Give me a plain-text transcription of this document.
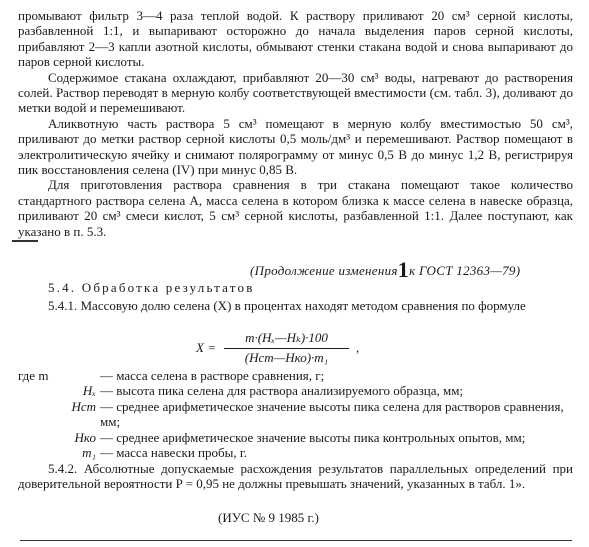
промывают фильтр 3—4 раза теплой водой. К раствору приливают 20 см³ серной кислоты, разбавленной 1:1, и выпаривают осторожно до начала выделения паров серной кислоты, прибавляют 2—3 капли азотной кислоты, обмывают стенки стакана водой и снова выпаривают до паров серной кислоты.

Содержимое стакана охлаждают, прибавляют 20—30 см³ воды, нагревают до растворения солей. Раствор переводят в мерную колбу соответствующей вместимости (см. табл. 3), доливают до метки водой и перемешивают.

Аликвотную часть раствора 5 см³ помещают в мерную колбу вместимостью 50 см³, приливают до метки раствор серной кислоты 0,5 моль/дм³ и перемешивают. Раствор помещают в электролитическую ячейку и снимают полярограмму от минус 0,5 В до минус 1,2 В, регистрируя пик восстановления селена (IV) при минус 0,85 В.

Для приготовления раствора сравнения в три стакана помещают такое количество стандартного раствора селена А, масса селена в котором близка к массе селена в навеске образца, приливают 20 см³ смеси кислот, 5 см³ серной кислоты, разбавленной 1:1. Далее поступают, как указано в п. 5.3.

(Продолжение изменения1к ГОСТ 12363—79)
5.4. Обработка результатов
5.4.1. Массовую долю селена (X) в процентах находят методом сравнения по формуле
X =
m·(Hₓ—Hₖ)·100
(Hст—Hко)·m₁
,
где m	— масса селена в растворе сравнения, г;
Hₓ — высота пика селена для раствора анализируемого образца, мм;
Hст — среднее арифметическое значение высоты пика селена для растворов сравнения, мм;
Hко — среднее арифметическое значение высоты пика контрольных опытов, мм;
m₁ — масса навески пробы, г.
5.4.2. Абсолютные допускаемые расхождения результатов параллельных определений при доверительной вероятности P = 0,95 не должны превышать значений, указанных в табл. 1».
(ИУС № 9 1985 г.)
